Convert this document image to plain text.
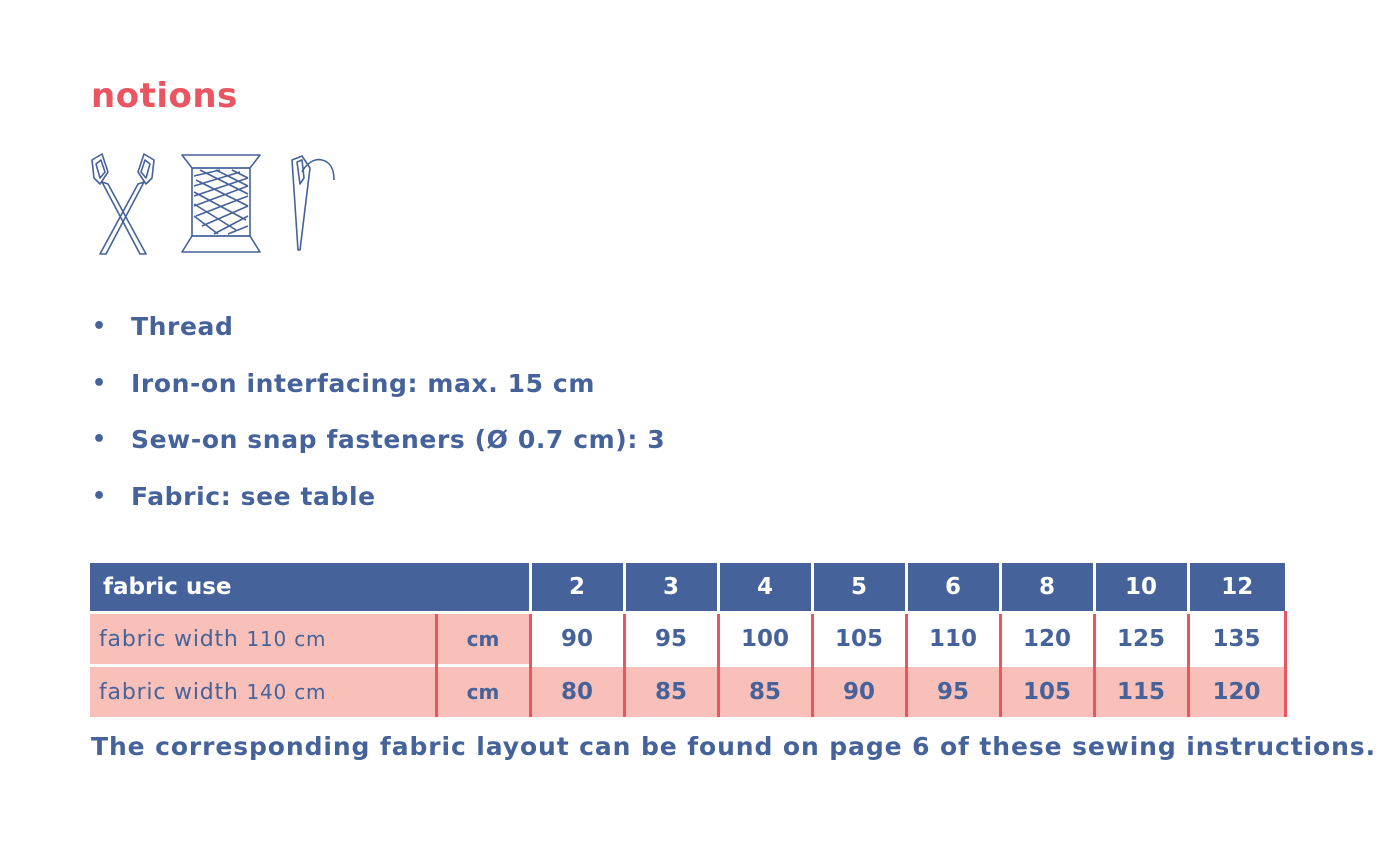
notions
• Thread
• Iron-on interfacing: max. 15 cm
• Sew-on snap fasteners (Ø 0.7 cm): 3
• Fabric: see table
fabric use		2	3	4	5	6	8	10	12
fabric width 110 cm	cm	90	95	100	105	110	120	125	135
fabric width 140 cm	cm	80	85	85	90	95	105	115	120

The corresponding fabric layout can be found on page 6 of these sewing instructions.
